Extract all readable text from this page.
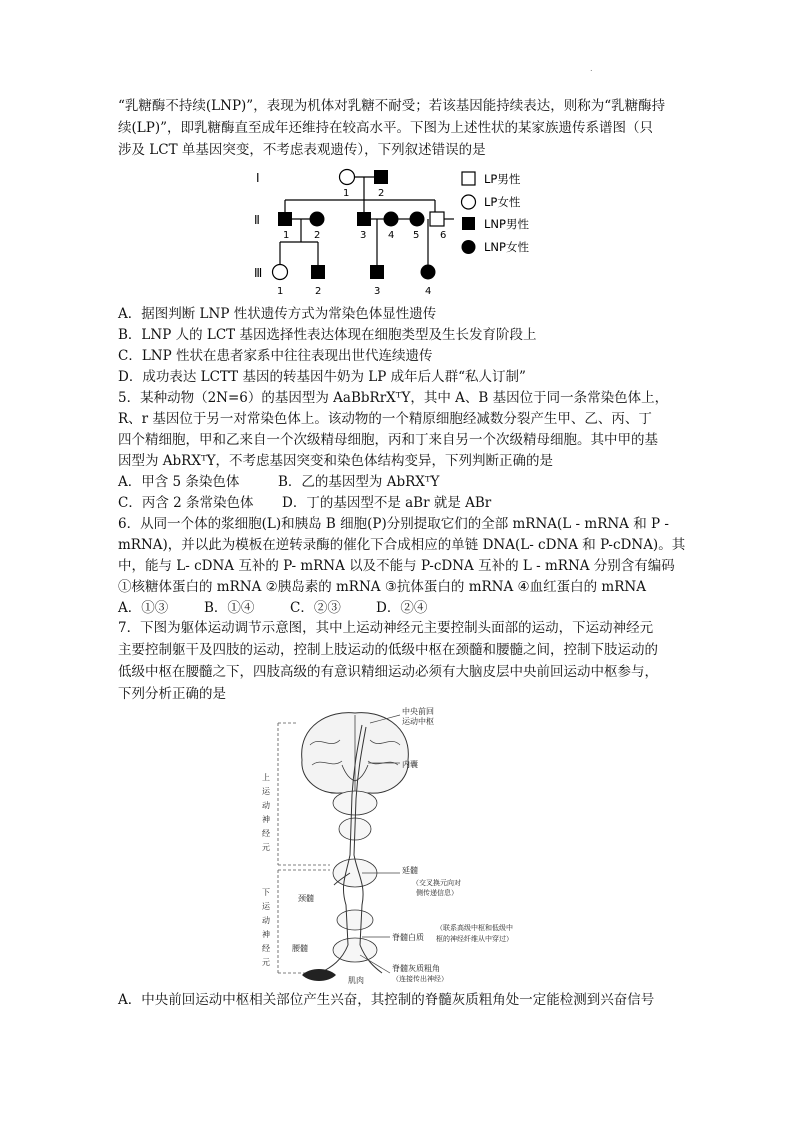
.

“乳糖酶不持续(LNP)”，表现为机体对乳糖不耐受；若该基因能持续表达，则称为“乳糖酶持

续(LP)”，即乳糖酶直至成年还维持在较高水平。下图为上述性状的某家族遗传系谱图（只

涉及 LCT 单基因突变，不考虑表观遗传），下列叙述错误的是

Ⅰ
Ⅱ
Ⅲ
1	2
1 2	3 4 5 6
1	2	3	4
LP男性
LP女性
LNP男性
LNP女性
A．据图判断 LNP 性状遗传方式为常染色体显性遗传
B．LNP 人的 LCT 基因选择性表达体现在细胞类型及生长发育阶段上
C．LNP 性状在患者家系中往往表现出世代连续遗传
D．成功表达 LCTT 基因的转基因牛奶为 LP 成年后人群“私人订制”
5．某种动物（2N=6）的基因型为 AaBbRrXᵀY，其中 A、B 基因位于同一条常染色体上，
R、r 基因位于另一对常染色体上。该动物的一个精原细胞经减数分裂产生甲、乙、丙、丁
四个精细胞，甲和乙来自一个次级精母细胞，丙和丁来自另一个次级精母细胞。其中甲的基
因型为 AbRXᵀY，不考虑基因突变和染色体结构变异，下列判断正确的是
A．甲含 5 条染色体	B．乙的基因型为 AbRXᵀY
C．丙含 2 条常染色体 D．丁的基因型不是 aBr 就是 ABr
6．从同一个体的浆细胞(L)和胰岛 B 细胞(P)分别提取它们的全部 mRNA(L - mRNA 和 P -
mRNA)，并以此为模板在逆转录酶的催化下合成相应的单链 DNA(L- cDNA 和 P-cDNA)。其
中，能与 L- cDNA 互补的 P- mRNA 以及不能与 P-cDNA 互补的 L - mRNA 分别含有编码
①核糖体蛋白的 mRNA ②胰岛素的 mRNA ③抗体蛋白的 mRNA ④血红蛋白的 mRNA
A．①③	B．①④	C．②③	D．②④

7．下图为躯体运动调节示意图，其中上运动神经元主要控制头面部的运动，下运动神经元

主要控制躯干及四肢的运动，控制上肢运动的低级中枢在颈髓和腰髓之间，控制下肢运动的

低级中枢在腰髓之下，四肢高级的有意识精细运动必须有大脑皮层中央前回运动中枢参与，

下列分析正确的是

上
运
动
神
经
元
下
运
动
神
经
元
中央前回
运动中枢
内囊
延髓
（交叉换元向对
侧传递信息）
颈髓
腰髓
脊髓白质
（联系高级中枢和低级中
枢的神经纤维从中穿过）
脊髓灰质粗角
（连接传出神经）
肌肉
A．中央前回运动中枢相关部位产生兴奋，其控制的脊髓灰质粗角处一定能检测到兴奋信号
